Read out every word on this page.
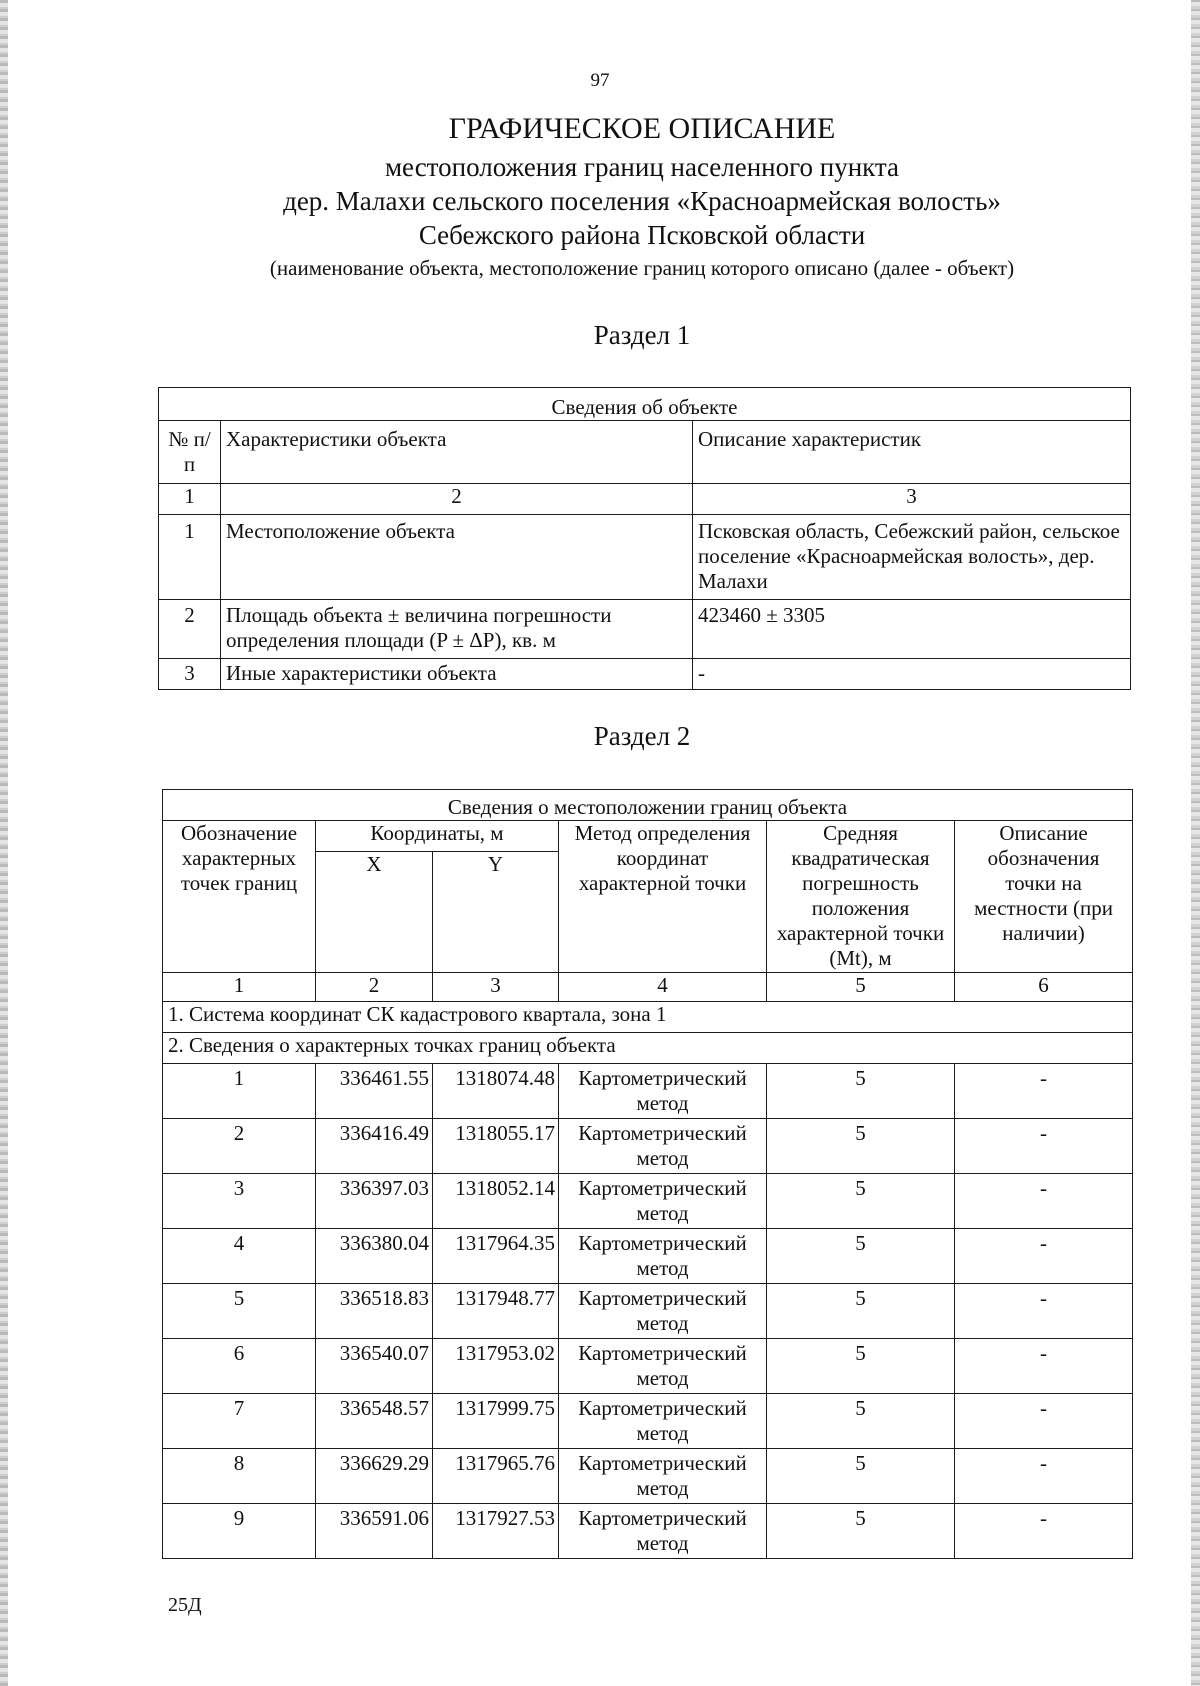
97
ГРАФИЧЕСКОЕ ОПИСАНИЕ
местоположения границ населенного пункта
дер. Малахи сельского поселения «Красноармейская волость»
Себежского района Псковской области
(наименование объекта, местоположение границ которого описано (далее - объект)
Раздел 1
Сведения об объекте		
№ п/п	Характеристики объекта	Описание характеристик
1	2	3
1	Местоположение объекта	Псковская область, Себежский район, сельское поселение «Красноармейская волость», дер. Малахи
2	Площадь объекта ± величина погрешности определения площади (P ± ΔP), кв. м	423460 ± 3305
3	Иные характеристики объекта	-
Раздел 2
Сведения о местоположении границ объекта					
Обозначение характерных точек границ	Координаты, м		Метод определения координат характерной точки	Средняя квадратическая погрешность положения характерной точки (Mt), м	Описание обозначения точки на местности (при наличии)
	X	Y			
1	2	3	4	5	6
1. Система координат СК кадастрового квартала, зона 1					
2. Сведения о характерных точках границ объекта					
1	336461.55	1318074.48	Картометрический метод	5	-
2	336416.49	1318055.17	Картометрический метод	5	-
3	336397.03	1318052.14	Картометрический метод	5	-
4	336380.04	1317964.35	Картометрический метод	5	-
5	336518.83	1317948.77	Картометрический метод	5	-
6	336540.07	1317953.02	Картометрический метод	5	-
7	336548.57	1317999.75	Картометрический метод	5	-
8	336629.29	1317965.76	Картометрический метод	5	-
9	336591.06	1317927.53	Картометрический метод	5	-
25Д
